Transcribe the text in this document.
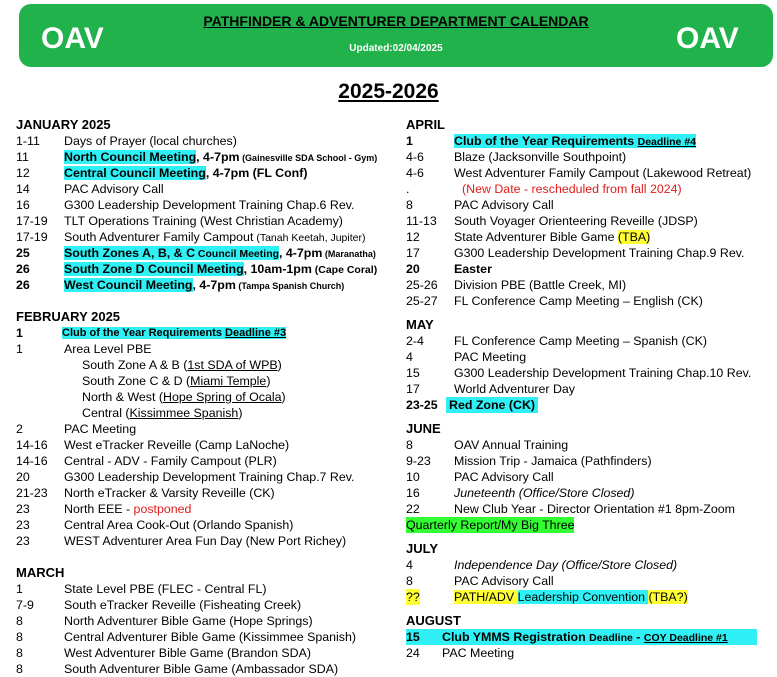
OAV
PATHFINDER & ADVENTURER DEPARTMENT CALENDAR
Updated:02/04/2025	OAV
2025-2026
JANUARY 2025
1-11 Days of Prayer (local churches)
11	North Council Meeting, 4-7pm (Gainesville SDA School - Gym)
12	Central Council Meeting, 4-7pm (FL Conf)
14	PAC Advisory Call
16	G300 Leadership Development Training Chap.6 Rev.
17-19 TLT Operations Training (West Christian Academy)
17-19 South Adventurer Family Campout (Tanah Keetah, Jupiter)
25	South Zones A, B, & C Council Meeting, 4-7pm (Maranatha)
26	South Zone D Council Meeting, 10am-1pm (Cape Coral)
26	West Council Meeting, 4-7pm (Tampa Spanish Church)
FEBRUARY 2025
1	Club of the Year Requirements Deadline #3
1	Area Level PBE
South Zone A & B (1st SDA of WPB)
South Zone C & D (Miami Temple)
North & West (Hope Spring of Ocala)
Central (Kissimmee Spanish)
2	PAC Meeting
14-16 West eTracker Reveille (Camp LaNoche)
14-16 Central - ADV - Family Campout (PLR)
20	G300 Leadership Development Training Chap.7 Rev.
21-23 North eTracker & Varsity Reveille (CK)
23	North EEE - postponed
23	Central Area Cook-Out (Orlando Spanish)
23	WEST Adventurer Area Fun Day (New Port Richey)
MARCH
1	State Level PBE (FLEC - Central FL)
7-9 South eTracker Reveille (Fisheating Creek)
8	North Adventurer Bible Game (Hope Springs)
8	Central Adventurer Bible Game (Kissimmee Spanish)
8	West Adventurer Bible Game (Brandon SDA)
8	South Adventurer Bible Game (Ambassador SDA)
APRIL
1	Club of the Year Requirements Deadline #4
4-6 Blaze (Jacksonville Southpoint)
4-6 West Adventurer Family Campout (Lakewood Retreat)
.	(New Date - rescheduled from fall 2024)
8	PAC Advisory Call
11-13 South Voyager Orienteering Reveille (JDSP)
12	State Adventurer Bible Game (TBA)
17	G300 Leadership Development Training Chap.9 Rev.
20	Easter
25-26 Division PBE (Battle Creek, MI)
25-27 FL Conference Camp Meeting – English (CK)
MAY
2-4 FL Conference Camp Meeting – Spanish (CK)
4	PAC Meeting
15	G300 Leadership Development Training Chap.10 Rev.
17	World Adventurer Day
23-25 Red Zone (CK)
JUNE
8	OAV Annual Training
9-23 Mission Trip - Jamaica (Pathfinders)
10	PAC Advisory Call
16	Juneteenth (Office/Store Closed)
22	New Club Year - Director Orientation #1 8pm-Zoom
Quarterly Report/My Big Three
JULY
4	Independence Day (Office/Store Closed)
8	PAC Advisory Call
??	PATH/ADV Leadership Convention (TBA?)
AUGUST
15 Club YMMS Registration Deadline - COY Deadline #1
24 PAC Meeting
